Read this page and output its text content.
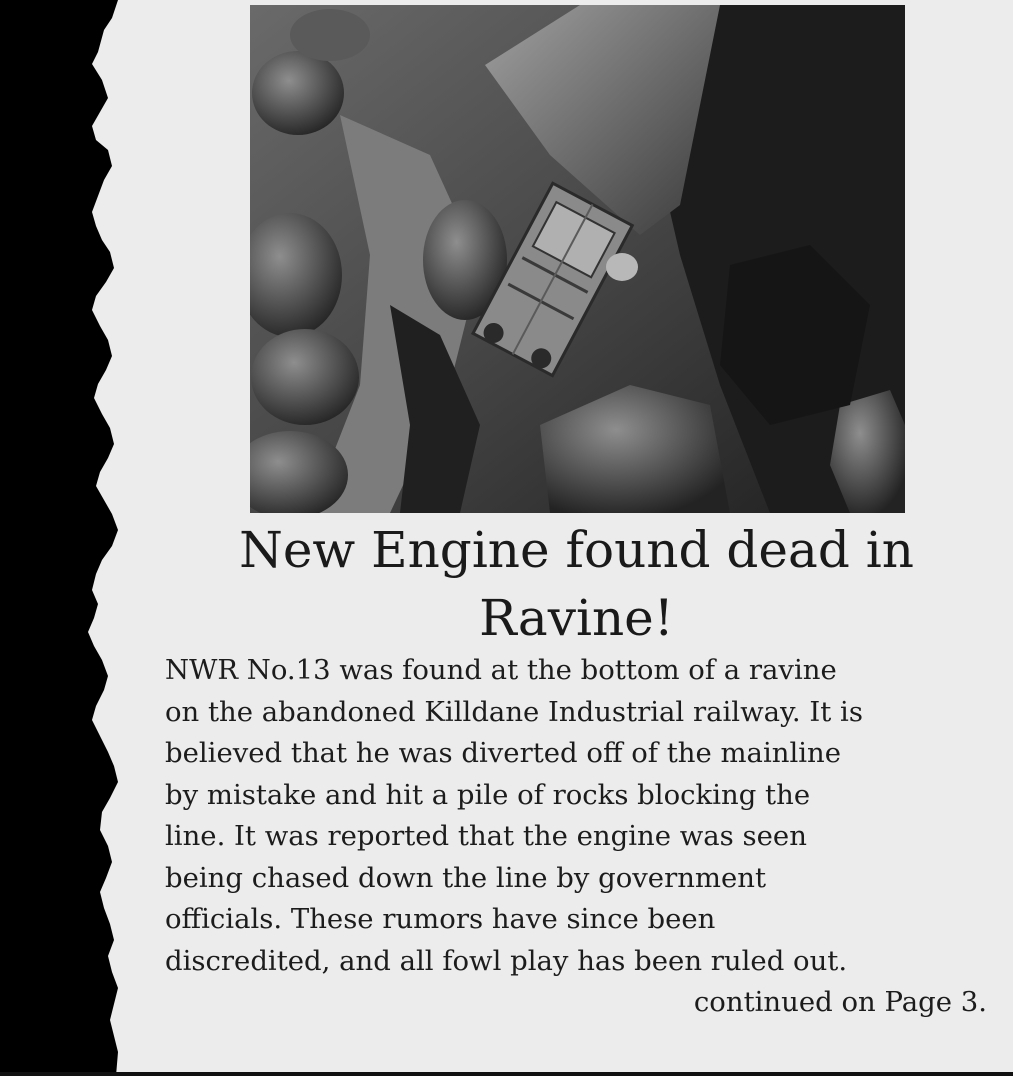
New Engine found dead in
Ravine!

NWR No.13 was found at the bottom of a ravine
on the abandoned Killdane Industrial railway. It is
believed that he was diverted off of the mainline
by mistake and hit a pile of rocks blocking the
line. It was reported that the engine was seen
being chased down the line by government
officials. These rumors have since been
discredited, and all fowl play has been ruled out.

continued on Page 3.
